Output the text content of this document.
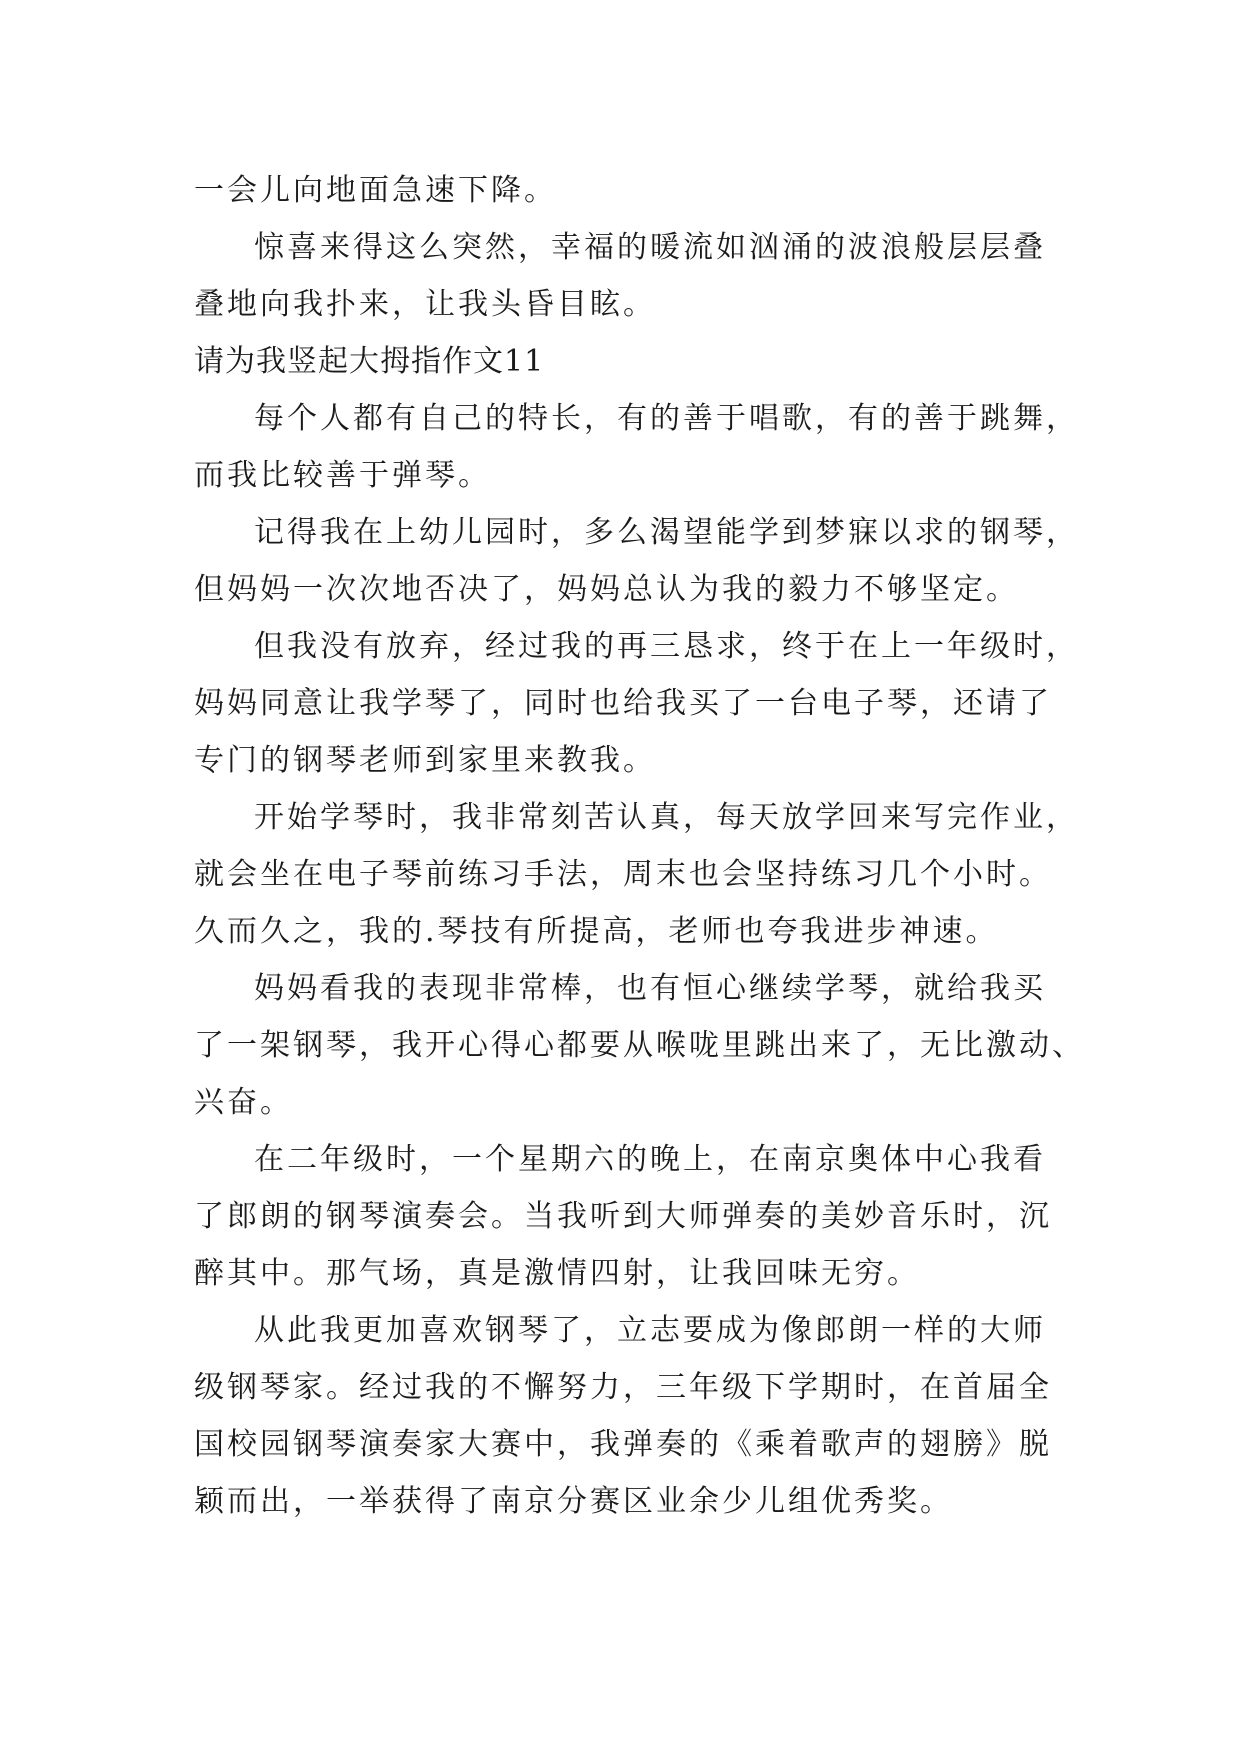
一会儿向地面急速下降。
惊喜来得这么突然，幸福的暖流如汹涌的波浪般层层叠
叠地向我扑来，让我头昏目眩。
请为我竖起大拇指作文11
每个人都有自己的特长，有的善于唱歌，有的善于跳舞，
而我比较善于弹琴。
记得我在上幼儿园时，多么渴望能学到梦寐以求的钢琴，
但妈妈一次次地否决了，妈妈总认为我的毅力不够坚定。
但我没有放弃，经过我的再三恳求，终于在上一年级时，
妈妈同意让我学琴了，同时也给我买了一台电子琴，还请了
专门的钢琴老师到家里来教我。
开始学琴时，我非常刻苦认真，每天放学回来写完作业，
就会坐在电子琴前练习手法，周末也会坚持练习几个小时。
久而久之，我的.琴技有所提高，老师也夸我进步神速。
妈妈看我的表现非常棒，也有恒心继续学琴，就给我买
了一架钢琴，我开心得心都要从喉咙里跳出来了，无比激动、
兴奋。
在二年级时，一个星期六的晚上，在南京奥体中心我看
了郎朗的钢琴演奏会。当我听到大师弹奏的美妙音乐时，沉
醉其中。那气场，真是激情四射，让我回味无穷。
从此我更加喜欢钢琴了，立志要成为像郎朗一样的大师
级钢琴家。经过我的不懈努力，三年级下学期时，在首届全
国校园钢琴演奏家大赛中，我弹奏的《乘着歌声的翅膀》脱
颖而出，一举获得了南京分赛区业余少儿组优秀奖。
